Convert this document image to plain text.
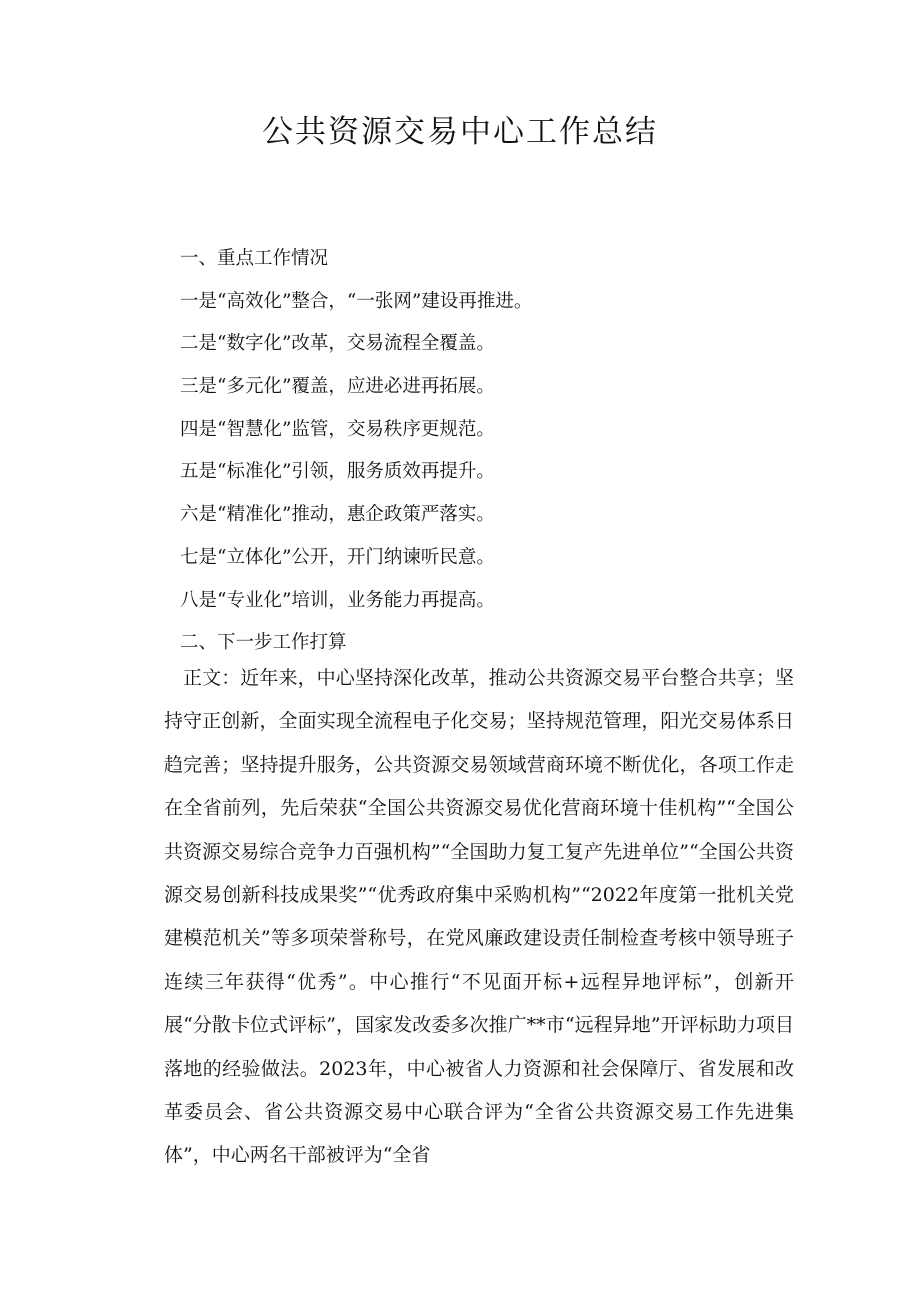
公共资源交易中心工作总结
一、重点工作情况
一是“高效化”整合，“一张网”建设再推进。
二是“数字化”改革，交易流程全覆盖。
三是“多元化”覆盖，应进必进再拓展。
四是“智慧化”监管，交易秩序更规范。
五是“标准化”引领，服务质效再提升。
六是“精准化”推动，惠企政策严落实。
七是“立体化”公开，开门纳谏听民意。
八是“专业化”培训，业务能力再提高。
二、下一步工作打算

正文：近年来，中心坚持深化改革，推动公共资源交易平台整合共享；坚持守正创新，全面实现全流程电子化交易；坚持规范管理，阳光交易体系日趋完善；坚持提升服务，公共资源交易领域营商环境不断优化，各项工作走在全省前列，先后荣获“全国公共资源交易优化营商环境十佳机构”“全国公共资源交易综合竞争力百强机构”“全国助力复工复产先进单位”“全国公共资源交易创新科技成果奖”“优秀政府集中采购机构”“2022年度第一批机关党建模范机关”等多项荣誉称号，在党风廉政建设责任制检查考核中领导班子连续三年获得“优秀”。中心推行“不见面开标+远程异地评标”，创新开展“分散卡位式评标”，国家发改委多次推广**市“远程异地”开评标助力项目落地的经验做法。2023年，中心被省人力资源和社会保障厅、省发展和改革委员会、省公共资源交易中心联合评为“全省公共资源交易工作先进集体”，中心两名干部被评为“全省
